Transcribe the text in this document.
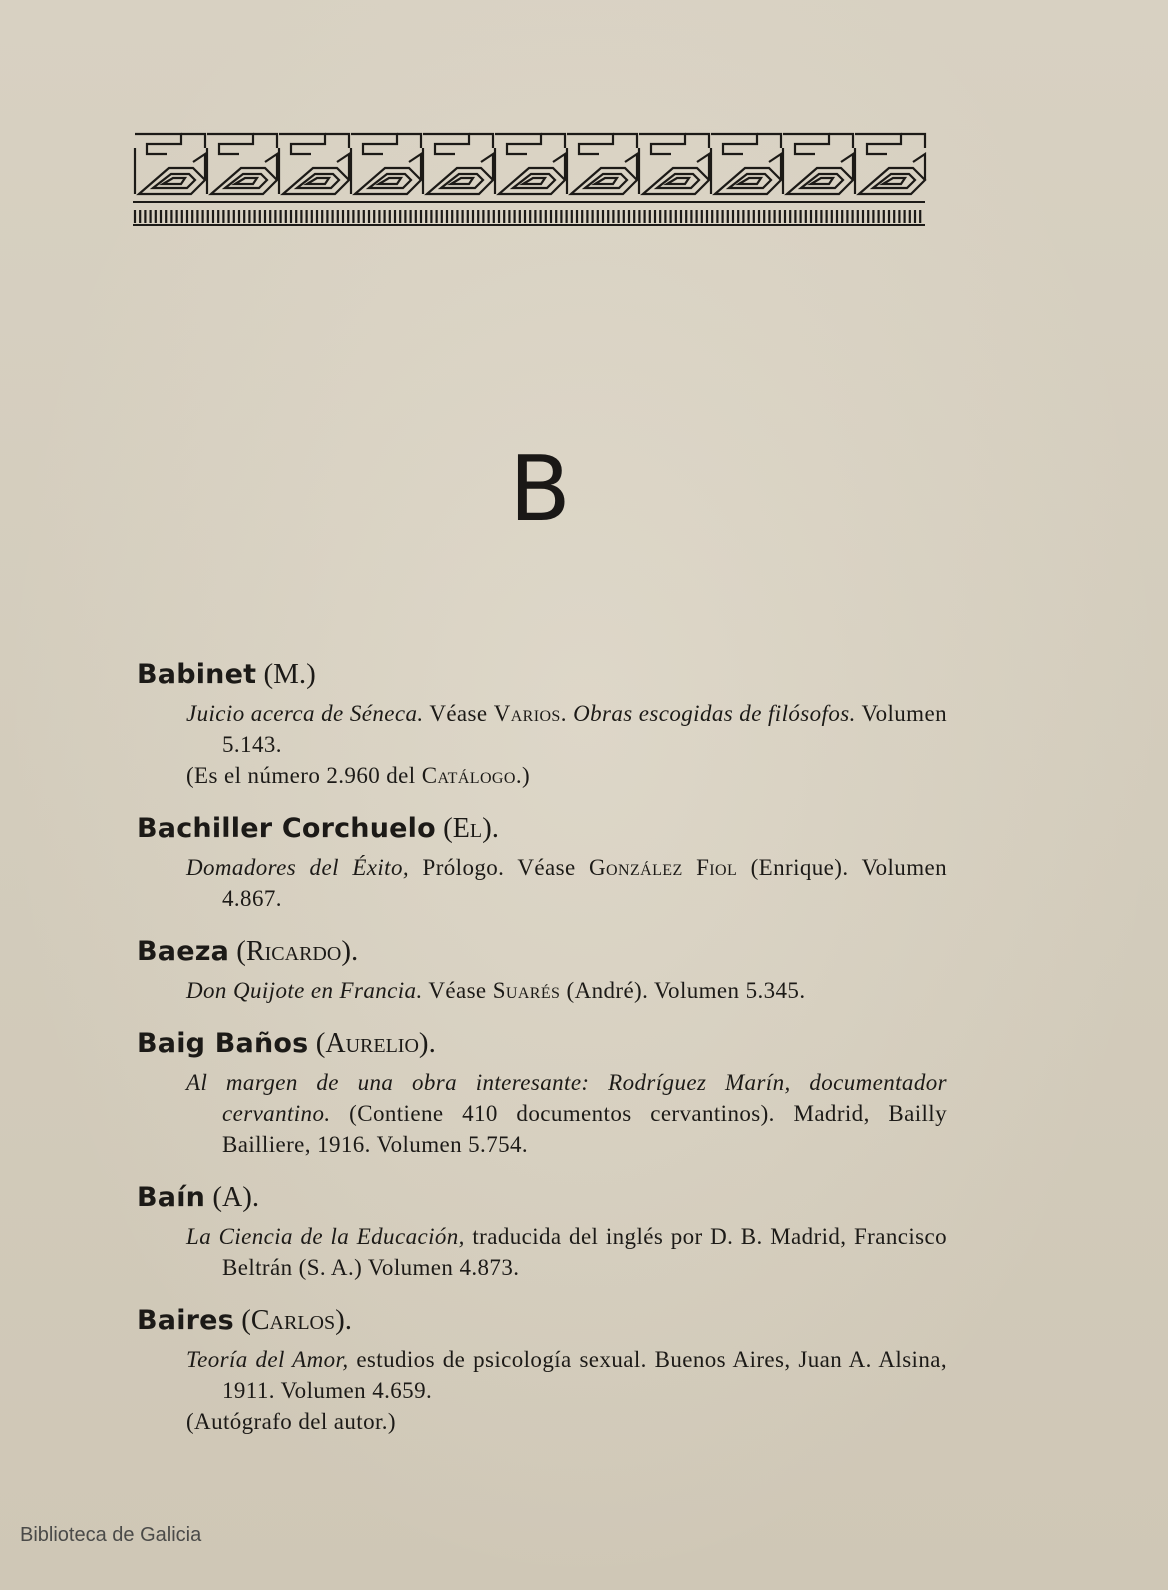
B
Babinet (M.)
Juicio acerca de Séneca. Véase Varios. Obras escogidas de filósofos. Volumen 5.143.
(Es el número 2.960 del Catálogo.)
Bachiller Corchuelo (El).
Domadores del Éxito, Prólogo. Véase González Fiol (Enrique). Volumen 4.867.
Baeza (Ricardo).
Don Quijote en Francia. Véase Suarés (André). Volumen 5.345.
Baig Baños (Aurelio).
Al margen de una obra interesante: Rodríguez Marín, documentador cervantino. (Contiene 410 documentos cervantinos). Madrid, Bailly Bailliere, 1916. Volumen 5.754.
Baín (A).
La Ciencia de la Educación, traducida del inglés por D. B. Madrid, Francisco Beltrán (S. A.) Volumen 4.873.
Baires (Carlos).
Teoría del Amor, estudios de psicología sexual. Buenos Aires, Juan A. Alsina, 1911. Volumen 4.659.
(Autógrafo del autor.)
Biblioteca de Galicia
